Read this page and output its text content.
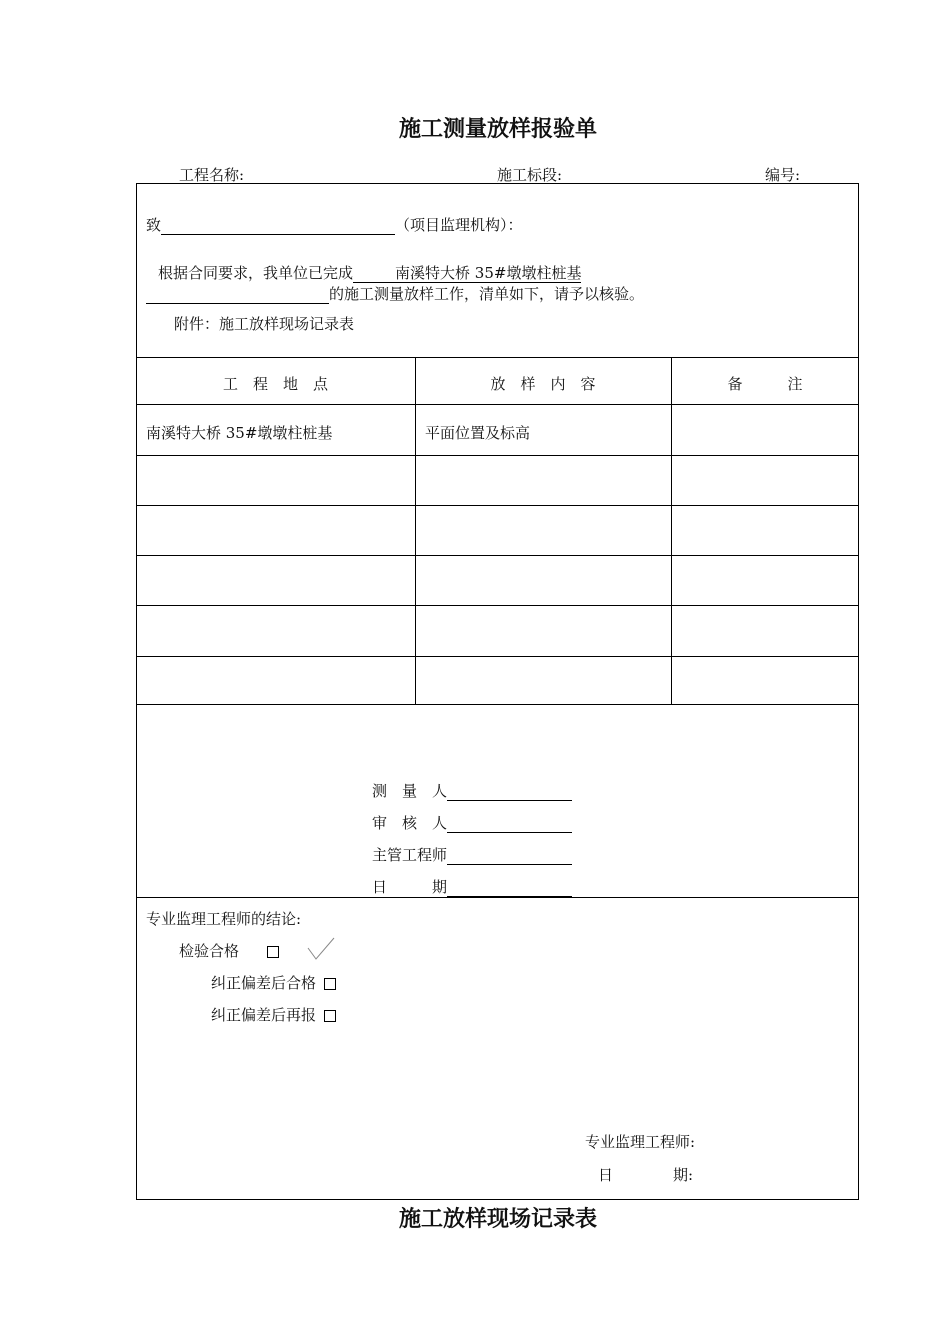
施工测量放样报验单
工程名称:	施工标段:	编号:
致	（项目监理机构）：
根据合同要求，我单位已完成	南溪特大桥 35#墩墩柱桩基
的施工测量放样工作，清单如下，请予以核验。
附件：施工放样现场记录表
工　程　地　点	放　样　内　容	备　　　注
南溪特大桥 35#墩墩柱桩基	平面位置及标高
测　量　人
审　核　人
主管工程师
日　　　期
专业监理工程师的结论:
检验合格
纠正偏差后合格
纠正偏差后再报
专业监理工程师:
日　　　　期:
施工放样现场记录表
